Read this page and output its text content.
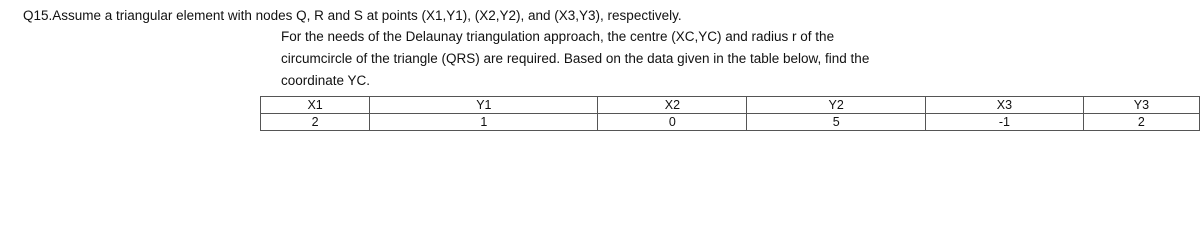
Q15.Assume a triangular element with nodes Q, R and S at points (X1,Y1), (X2,Y2), and (X3,Y3), respectively.
For the needs of the Delaunay triangulation approach, the centre (XC,YC) and radius r of the
circumcircle of the triangle (QRS) are required. Based on the data given in the table below, find the
coordinate YC.
X1	Y1	X2	Y2	X3	Y3
2	1	0	5	-1	2
